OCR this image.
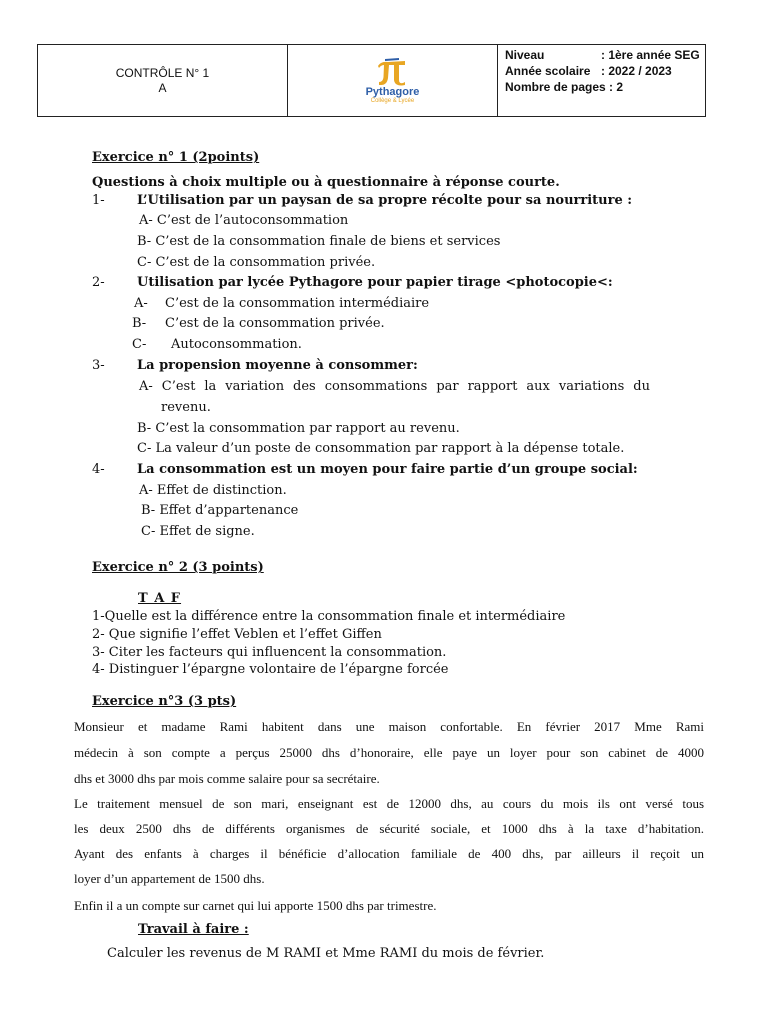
CONTRÔLE N° 1
A	Pythagore
Collège & Lycée
Niveau	: 1ère année SEG
Année scolaire : 2022 / 2023
Nombre de pages : 2
Exercice n° 1 (2points)
Questions à choix multiple ou à questionnaire à réponse courte.
1- L’Utilisation par un paysan de sa propre récolte pour sa nourriture :
A- C’est de l’autoconsommation
B- C’est de la consommation finale de biens et services
C- C’est de la consommation privée.
2- Utilisation par lycée Pythagore pour papier tirage <photocopie<:
A- C’est de la consommation intermédiaire
B- C’est de la consommation privée.
C- Autoconsommation.
3- La propension moyenne à consommer:
A- C’est la variation des consommations par rapport aux variations du
revenu.
B- C’est la consommation par rapport au revenu.
C- La valeur d’un poste de consommation par rapport à la dépense totale.
4- La consommation est un moyen pour faire partie d’un groupe social:
A- Effet de distinction.
B- Effet d’appartenance
C- Effet de signe.
Exercice n° 2 (3 points)
T A F
1-Quelle est la différence entre la consommation finale et intermédiaire
2- Que signifie l’effet Veblen et l’effet Giffen
3- Citer les facteurs qui influencent la consommation.
4- Distinguer l’épargne volontaire de l’épargne forcée
Exercice n°3 (3 pts)
Monsieur et madame Rami habitent dans une maison confortable. En février 2017 Mme Rami
médecin à son compte a perçus 25000 dhs d’honoraire, elle paye un loyer pour son cabinet de 4000
dhs et 3000 dhs par mois comme salaire pour sa secrétaire.
Le traitement mensuel de son mari, enseignant est de 12000 dhs, au cours du mois ils ont versé tous
les deux 2500 dhs de différents organismes de sécurité sociale, et 1000 dhs à la taxe d’habitation.
Ayant des enfants à charges il bénéficie d’allocation familiale de 400 dhs, par ailleurs il reçoit un
loyer d’un appartement de 1500 dhs.
Enfin il a un compte sur carnet qui lui apporte 1500 dhs par trimestre.
Travail à faire :
Calculer les revenus de M RAMI et Mme RAMI du mois de février.
